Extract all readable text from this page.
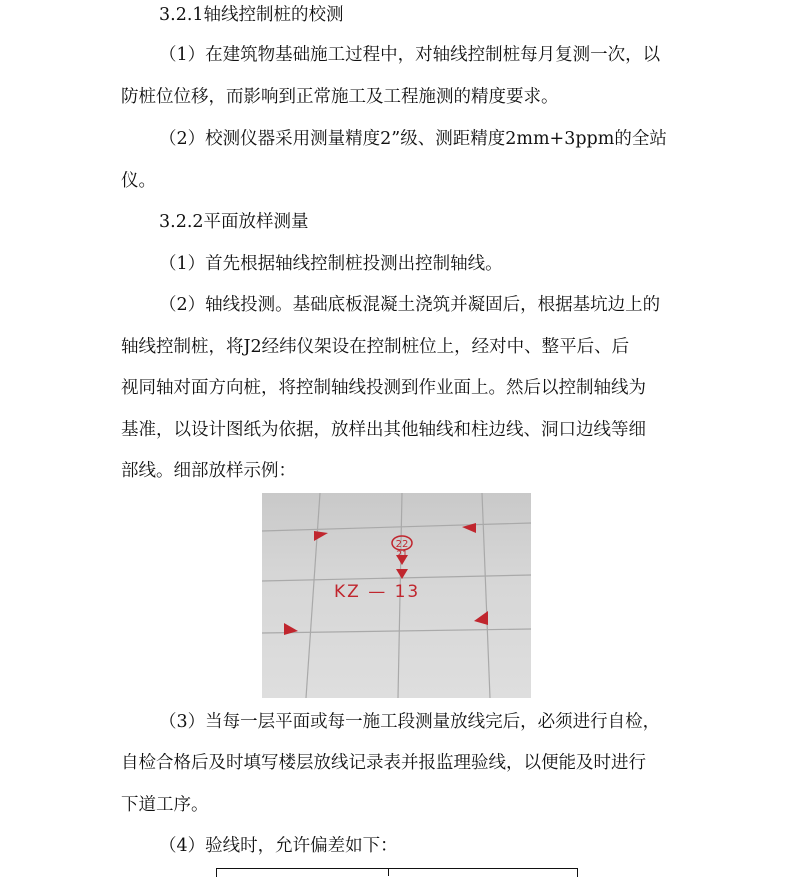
3.2.1轴线控制桩的校测
（1）在建筑物基础施工过程中，对轴线控制桩每月复测一次，以
防桩位位移，而影响到正常施工及工程施测的精度要求。
（2）校测仪器采用测量精度2”级、测距精度2mm+3ppm的全站
仪。
3.2.2平面放样测量
（1）首先根据轴线控制桩投测出控制轴线。
（2）轴线投测。基础底板混凝土浇筑并凝固后，根据基坑边上的
轴线控制桩，将J2经纬仪架设在控制桩位上，经对中、整平后、后
视同轴对面方向桩，将控制轴线投测到作业面上。然后以控制轴线为
基准，以设计图纸为依据，放样出其他轴线和柱边线、洞口边线等细
部线。细部放样示例：
22
21
KZ — 13
（3）当每一层平面或每一施工段测量放线完后，必须进行自检，
自检合格后及时填写楼层放线记录表并报监理验线，以便能及时进行
下道工序。
（4）验线时，允许偏差如下：
